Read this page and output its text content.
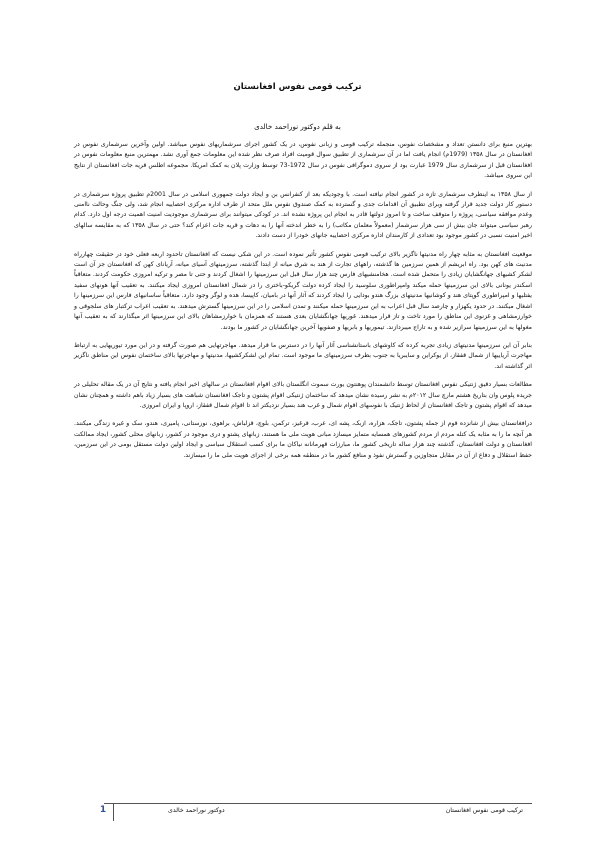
ترکیب قومی نفوس افغانستان
به قلم دوکتور نوراحمد خالدی

بهترین منبع برای دانستن تعداد و مشخصات نفوس، منجمله ترکیب قومی و زبانی نفوس، در یک کشور اجرای سرشماریهای نفوس میباشد. اولین وآخرین سرشماری نفوس در افغانستان در سال ۱۳۵۸ (1979م) انجام یافت اما در آن سرشماری از تطبیق سوال قومیت افراد صرف نظر شده این معلومات جمع آوری نشد. مهمترین منبع معلومات نفوس در افغانستان قبل از سرشماری سال 1979 عبارت بود از سروی دموگرافی نفوس در سال 1972-73 توسط وزارت پلان به کمک امریکا. مجموعه اطلس قریه جات افغانستان از نتایج این سروی میباشد.

از سال ۱۳۵۸ به اینطرف سرشماری تازه در کشور انجام نیافته است. با وجودیکه بعد از کنفرانس بن و ایجاد دولت جمهوری اسلامی در سال 2001م تطبیق پروژه سرشماری در دستور کار دولت جدید قرار گرفته وبرای تطبیق آن اقدامات جدی و گسترده به کمک صندوق نفوس ملل متحد از طرف اداره مرکزی احصاییه انجام شد، ولی جنگ وحالت ناامنی وعدم موافقه سیاسی، پروژه را متوقف ساخت و تا امروز دولتها قادر به انجام این پروژه نشده اند. در کودکی میتوانند برای سرشماری موجودیت امنیت اهمیت درجه اول دارد. کدام رهبر سیاسی میتواند جان بیش از سی هزار سرشمار (معمولاً معلمان مکاتب) را به خطر اندخته آنها را به دهات و قریه جات اعزام کند؟ حتی در سال ۱۳۵۸ که به مقایسه سالهای اخیر امنیت نسبی در کشور موجود بود تعدادی از کارمندان اداره مرکزی احصاییه جانهای خودرا از دست دادند.

موقعیت افغانستان به مثابه چهار راه مدنیتها ناگزیر بالای ترکیب قومی نفوس کشور تأثیر نموده است. در این شکی نیست که افغانستان تاحدود اربعه فعلی خود در حقیقت چهارراه مدنیت های کهن بود. راه ابریشم از همین سرزمین ها گذشته، راههای تجارت از هند به شرق میانه از ابتدا گذشته، سرزمینهای آسیای میانه، آریانای کهن که افغانستان جز آن است لشکر کشیهای جهانگشایان زیادی را متحمل شده است. هخامنشیهای فارس چند هزار سال قبل این سرزمینها را اشغال کردند و حتی تا مصر و ترکیه امروزی حکومت کردند. متعاقباً اسکندر یونانی بالای این سرزمینها حمله میکند وامپراطوری سلوسید را ایجاد کرده دولت گریکو-باختری را در شمال افغانستان امروزی ایجاد میکنند. به تعقیب آنها هونهای سفید یفتلیها و امپراطوری گوپتای هند و کوشانیها مدنیتهای بزرگ هندو بودایی را ایجاد کردند که آثار آنها در بامیان، کاپیسا، هده و لوگر وجود دارد. متعاقباً ساسانیهای فارس این سرزمینها را اشغال میکنند. در حدود یکهزار و چارصد سال قبل اعراب به این سرزمینها حمله میکنند و تمدن اسلامی را در این سرزمینها گسترش میدهند. به تعقیب اعراب ترکتبار های سلجوقی و خوارزمشاهی و غزنوی این مناطق را مورد تاخت و تاز قرار میدهند. غوریها جهانگشایان بعدی هستند که همزمان با خوارزمشاهان بالای این سرزمینها اثر میگذارند که به تعقیب آنها مغولها به این سرزمینها سرازیر شده و به تاراج میبردازند. تیموریها و بابریها و صفویها آخرین جهانگشایان در کشور ما بودند.

بنابر آن این سرزمینها مدنیتهای زیادی تجربه کرده که کاوشهای باستانشناسی آثار آنها را در دسترس ما قرار میدهد. مهاجرتهایی هم صورت گرفته و در این مورد تیوریهایی به ارتباط مهاجرت آریاییها از شمال قفقاز، از یوکراین و سایبریا به جنوب بطرف سرزمینهای ما موجود است. تمام این لشکرکشیها، مدنیتها و مهاجرتها بالای ساختمان نفوس این مناطق ناگزیر اثر گذاشته اند.

مطالعات بسیار دقیق ژنتیکی نفوس افغانستان توسط دانشمندان پوهنتون یورت سموت انگلستان بالای اقوام افغانستان در سالهای اخیر انجام یافته و نتایج آن در یک مقاله تحلیلی در جریده پلوس وان بتاریخ هشتم مارچ سال ۲۰۱۲م به نشر رسیده نشان میدهد که ساختمان ژنتیکی اقوام پشتون و تاجک افغانستان شباهت های بسیار زیاد باهم داشته و همچنان نشان میدهد که اقوام پشتون و تاجک افغانستان از لحاظ ژنتیک با نفوسهای اقوام شمال و غرب هند بسیار نزدیکتر اند تا اقوام شمال قفقاز، اروپا و ایران امروزی.

درافغانستان بیش از شانزده قوم از جمله پشتون، تاجک، هزاره، ازبک، پشه ای، عرب، قرغیز، ترکمن، بلوچ، قزلباش، براهوی، نورستانی، پامیری، هندو، سک و غیره زندگی میکنند. هر آنچه ما را به مثابه یک کتله مردم از مردم کشورهای همسایه متمایز میسازد مبانی هویت ملی ما هستند، زبانهای پشتو و دری موجود در کشور، زبانهای محلی کشور، ایجاد ممالکت افغانستان و دولت افغانستان، گذشته چند هزار ساله تاریخی کشور ما، مبارزات قهرمانانه نیاکان ما برای کسب استقلال سیاسی و ایجاد اولین دولت مستقل بومی در این سرزمین، حفظ استقلال و دفاع از آن در مقابل متجاوزین و گسترش نفوذ و منافع کشور ما در منطقه همه برخی از اجزای هویت ملی ما را میسازند.

ترکیب قومی نفوس افغانستان
دوکتور نوراحمد خالدی
1
